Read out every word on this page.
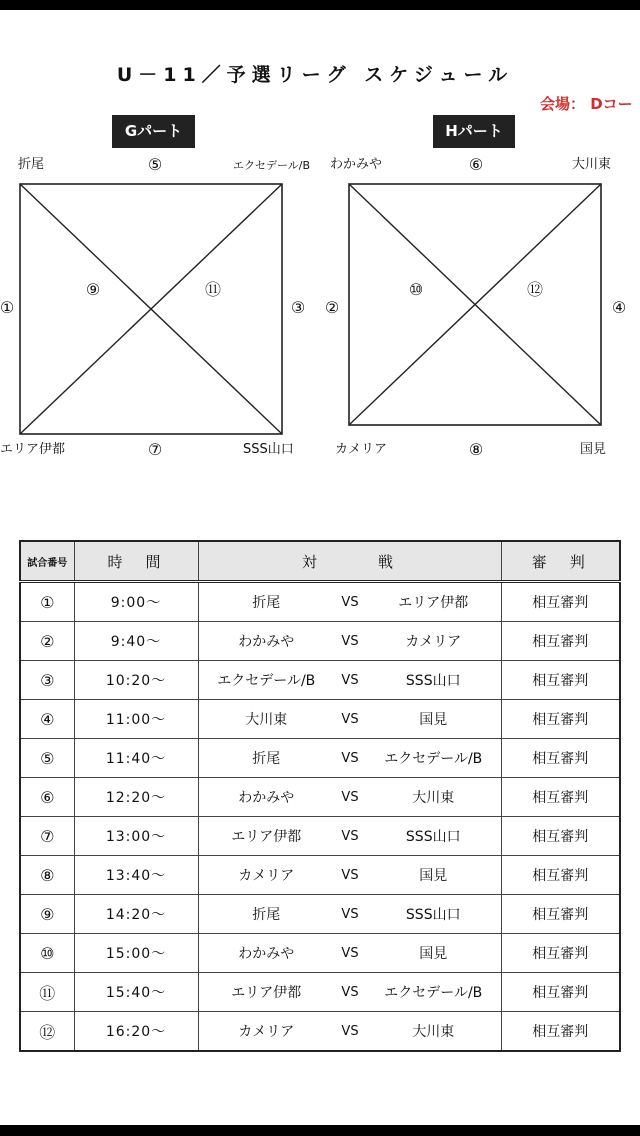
U－11／予選リーグ スケジュール
会場： Dコー
Gパート
折尾	エクセデール/B
エリア伊都	SSS山口
⑤
①
⑨	⑪
③
⑦
Hパート
わかみや	大川東
カメリア	国見
⑥
②
⑩	⑫
④
⑧
試合番号	時　間	対　　　戦			審　判
①	9:00～	折尾	VS	エリア伊都	相互審判
②	9:40～	わかみや	VS	カメリア	相互審判
③	10:20～	エクセデール/B	VS	SSS山口	相互審判
④	11:00～	大川東	VS	国見	相互審判
⑤	11:40～	折尾	VS	エクセデール/B	相互審判
⑥	12:20～	わかみや	VS	大川東	相互審判
⑦	13:00～	エリア伊都	VS	SSS山口	相互審判
⑧	13:40～	カメリア	VS	国見	相互審判
⑨	14:20～	折尾	VS	SSS山口	相互審判
⑩	15:00～	わかみや	VS	国見	相互審判
⑪	15:40～	エリア伊都	VS	エクセデール/B	相互審判
⑫	16:20～	カメリア	VS	大川東	相互審判
